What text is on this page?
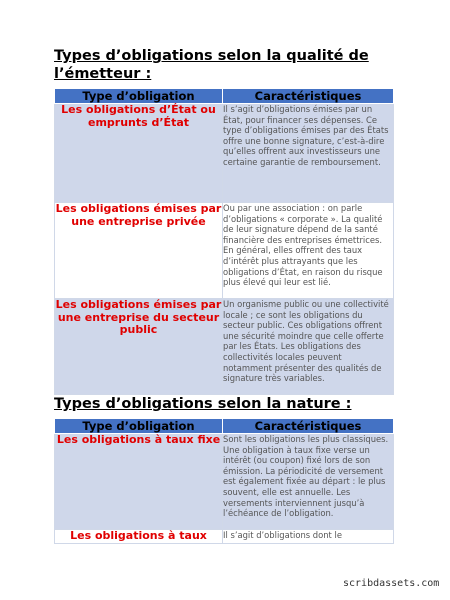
Types d’obligations selon la qualité de l’émetteur :
Type d’obligation	Caractéristiques
Les obligations d’État ou emprunts d’État	Il s’agit d’obligations émises par un État, pour financer ses dépenses. Ce type d’obligations émises par des États offre une bonne signature, c’est-à-dire qu’elles offrent aux investisseurs une certaine garantie de remboursement.
Les obligations émises par une entreprise privée	Ou par une association : on parle d’obligations « corporate ». La qualité de leur signature dépend de la santé financière des entreprises émettrices. En général, elles offrent des taux d’intérêt plus attrayants que les obligations d’État, en raison du risque plus élevé qui leur est lié.
Les obligations émises par une entreprise du secteur public	Un organisme public ou une collectivité locale ; ce sont les obligations du secteur public. Ces obligations offrent une sécurité moindre que celle offerte par les États. Les obligations des collectivités locales peuvent notamment présenter des qualités de signature très variables.
Types d’obligations selon la nature :
Type d’obligation	Caractéristiques
Les obligations à taux fixe	Sont les obligations les plus classiques. Une obligation à taux fixe verse un intérêt (ou coupon) fixé lors de son émission. La périodicité de versement est également fixée au départ : le plus souvent, elle est annuelle. Les versements interviennent jusqu’à l’échéance de l’obligation.
Les obligations à taux	Il s’agit d’obligations dont le
scribdassets.com
